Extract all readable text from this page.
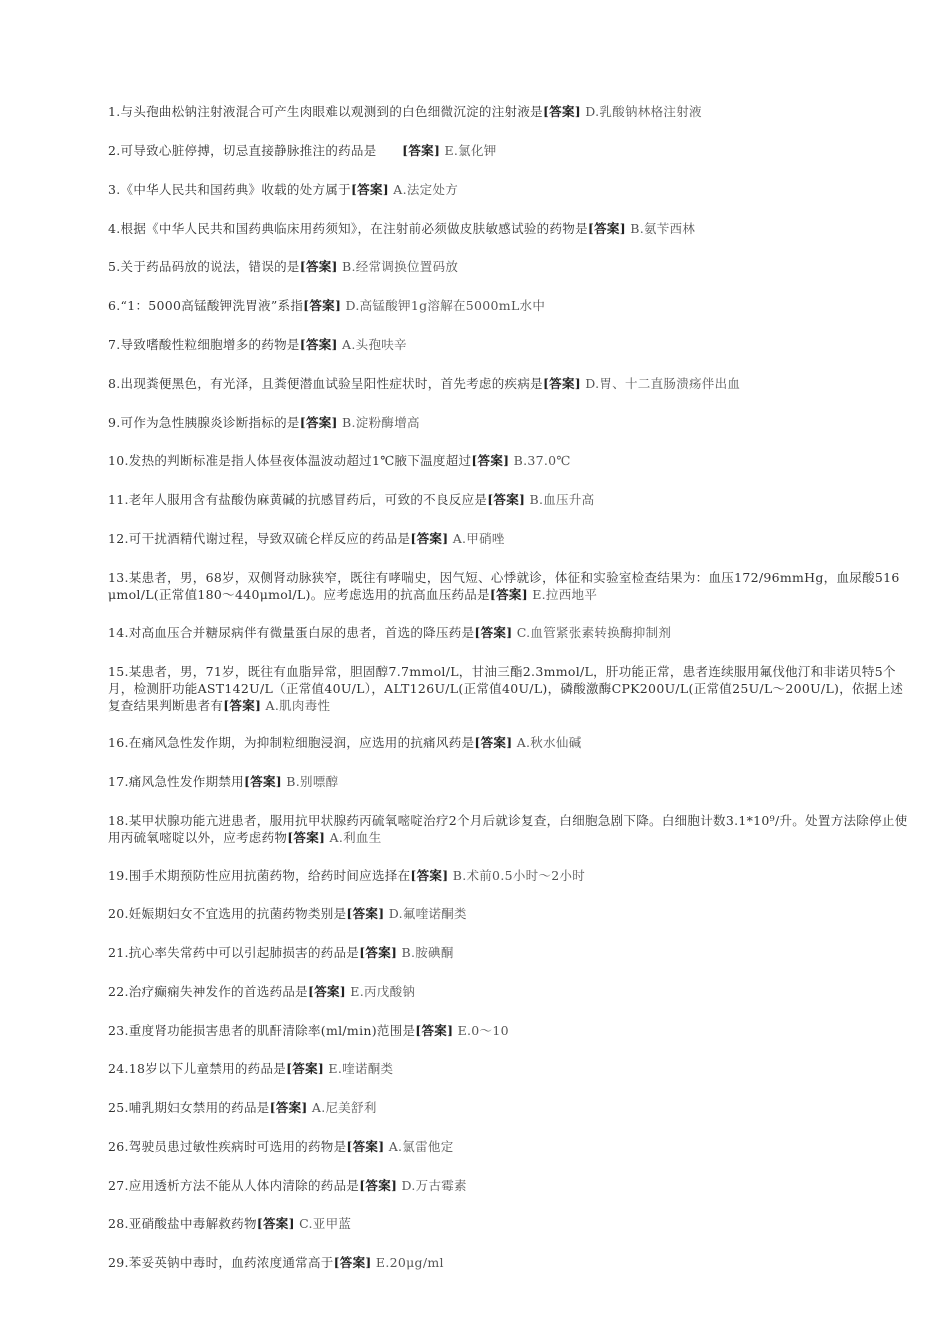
1.与头孢曲松钠注射液混合可产生肉眼难以观测到的白色细微沉淀的注射液是[答案] D.乳酸钠林格注射液

2.可导致心脏停搏，切忌直接静脉推注的药品是　　[答案] E.氯化钾

3.《中华人民共和国药典》收载的处方属于[答案] A.法定处方

4.根据《中华人民共和国药典临床用药须知》，在注射前必须做皮肤敏感试验的药物是[答案] B.氨苄西林

5.关于药品码放的说法，错误的是[答案] B.经常调换位置码放

6.“1：5000高锰酸钾洗胃液”系指[答案] D.高锰酸钾1g溶解在5000mL水中

7.导致嗜酸性粒细胞增多的药物是[答案] A.头孢呋辛

8.出现粪便黑色，有光泽，且粪便潜血试验呈阳性症状时，首先考虑的疾病是[答案] D.胃、十二直肠溃疡伴出血

9.可作为急性胰腺炎诊断指标的是[答案] B.淀粉酶增高

10.发热的判断标准是指人体昼夜体温波动超过1℃腋下温度超过[答案] B.37.0℃

11.老年人服用含有盐酸伪麻黄碱的抗感冒药后，可致的不良反应是[答案] B.血压升高

12.可干扰酒精代谢过程，导致双硫仑样反应的药品是[答案] A.甲硝唑

13.某患者，男，68岁，双侧肾动脉狭窄，既往有哮喘史，因气短、心悸就诊，体征和实验室检查结果为：血压172/96mmHg，血尿酸516μmol/L(正常值180～440μmol/L)。应考虑选用的抗高血压药品是[答案] E.拉西地平

14.对高血压合并糖尿病伴有微量蛋白尿的患者，首选的降压药是[答案] C.血管紧张素转换酶抑制剂

15.某患者，男，71岁，既往有血脂异常，胆固醇7.7mmol/L，甘油三酯2.3mmol/L，肝功能正常，患者连续服用氟伐他汀和非诺贝特5个月，检测肝功能AST142U/L（正常值40U/L），ALT126U/L(正常值40U/L)，磷酸激酶CPK200U/L(正常值25U/L～200U/L)，依据上述复查结果判断患者有[答案] A.肌肉毒性

16.在痛风急性发作期，为抑制粒细胞浸润，应选用的抗痛风药是[答案] A.秋水仙碱

17.痛风急性发作期禁用[答案] B.别嘌醇

18.某甲状腺功能亢进患者，服用抗甲状腺药丙硫氧嘧啶治疗2个月后就诊复查，白细胞急剧下降。白细胞计数3.1*10⁹/升。处置方法除停止使用丙硫氧嘧啶以外，应考虑药物[答案] A.利血生

19.围手术期预防性应用抗菌药物，给药时间应选择在[答案] B.术前0.5小时～2小时

20.妊娠期妇女不宜选用的抗菌药物类别是[答案] D.氟喹诺酮类

21.抗心率失常药中可以引起肺损害的药品是[答案] B.胺碘酮

22.治疗癫痫失神发作的首选药品是[答案] E.丙戊酸钠

23.重度肾功能损害患者的肌酐清除率(ml/min)范围是[答案] E.0～10

24.18岁以下儿童禁用的药品是[答案] E.喹诺酮类

25.哺乳期妇女禁用的药品是[答案] A.尼美舒利

26.驾驶员患过敏性疾病时可选用的药物是[答案] A.氯雷他定

27.应用透析方法不能从人体内清除的药品是[答案] D.万古霉素

28.亚硝酸盐中毒解救药物[答案] C.亚甲蓝

29.苯妥英钠中毒时，血药浓度通常高于[答案] E.20μg/ml
